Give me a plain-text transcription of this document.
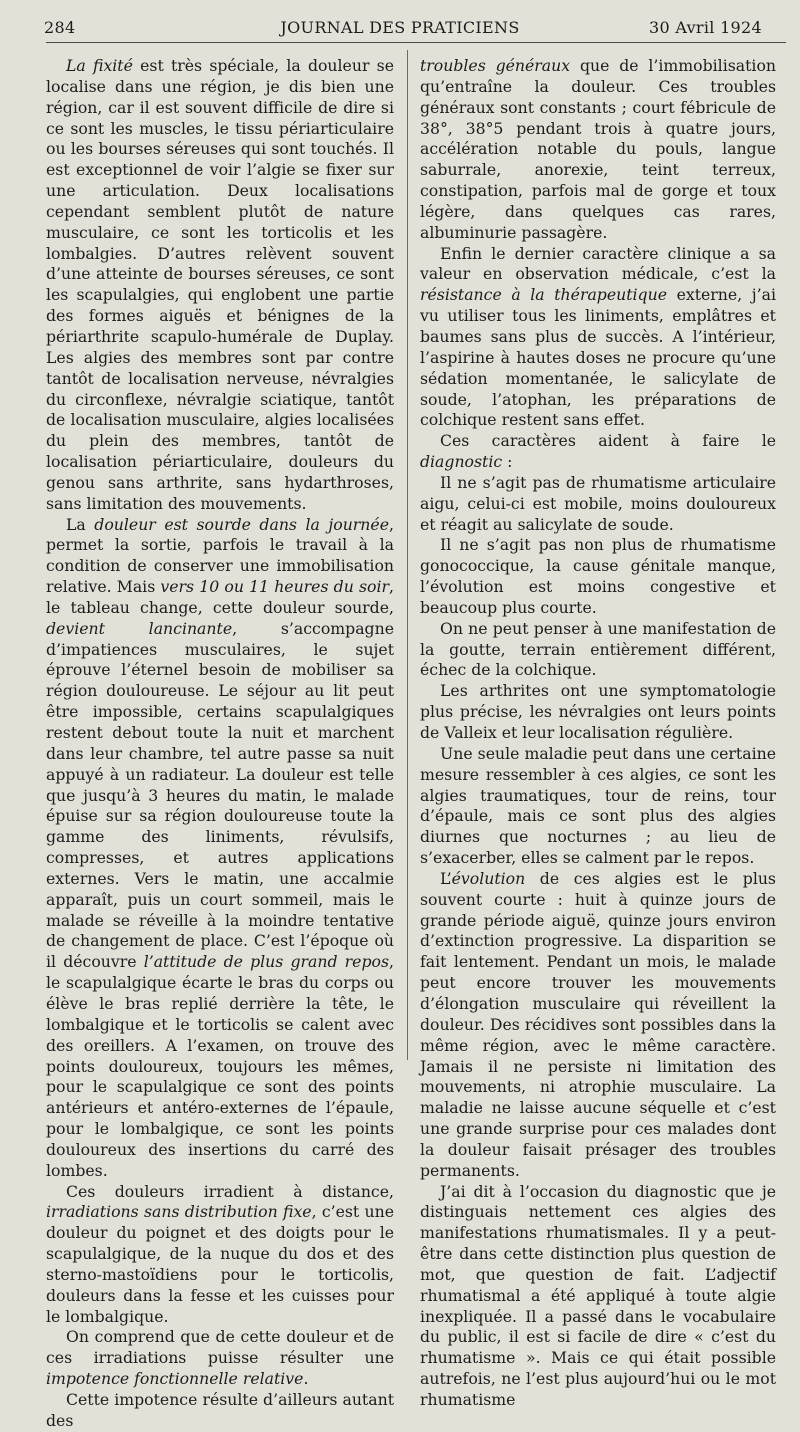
284	JOURNAL DES PRATICIENS	30 Avril 1924

La fixité est très spéciale, la douleur se localise dans une région, je dis bien une région, car il est souvent difficile de dire si ce sont les muscles, le tissu périarticulaire ou les bourses séreuses qui sont touchés. Il est exceptionnel de voir l’algie se fixer sur une articulation. Deux localisations cependant semblent plutôt de nature musculaire, ce sont les torticolis et les lombalgies. D’autres relèvent souvent d’une atteinte de bourses séreuses, ce sont les scapulalgies, qui englobent une partie des formes aiguës et bénignes de la périarthrite scapulo-humérale de Duplay. Les algies des membres sont par contre tantôt de localisation nerveuse, névralgies du circonflexe, névralgie sciatique, tantôt de localisation musculaire, algies localisées du plein des membres, tantôt de localisation périarticulaire, douleurs du genou sans arthrite, sans hydarthroses, sans limitation des mouvements.

La douleur est sourde dans la journée, permet la sortie, parfois le travail à la condition de conserver une immobilisation relative. Mais vers 10 ou 11 heures du soir, le tableau change, cette douleur sourde, devient lancinante, s’accompagne d’impatiences musculaires, le sujet éprouve l’éternel besoin de mobiliser sa région douloureuse. Le séjour au lit peut être impossible, certains scapulalgiques restent debout toute la nuit et marchent dans leur chambre, tel autre passe sa nuit appuyé à un radiateur. La douleur est telle que jusqu’à 3 heures du matin, le malade épuise sur sa région douloureuse toute la gamme des liniments, révulsifs, compresses, et autres applications externes. Vers le matin, une accalmie apparaît, puis un court sommeil, mais le malade se réveille à la moindre tentative de changement de place. C’est l’époque où il découvre l’attitude de plus grand repos, le scapulalgique écarte le bras du corps ou élève le bras replié derrière la tête, le lombalgique et le torticolis se calent avec des oreillers. A l’examen, on trouve des points douloureux, toujours les mêmes, pour le scapulalgique ce sont des points antérieurs et antéro-externes de l’épaule, pour le lombalgique, ce sont les points douloureux des insertions du carré des lombes.

Ces douleurs irradient à distance, irradiations sans distribution fixe, c’est une douleur du poignet et des doigts pour le scapulalgique, de la nuque du dos et des sterno-mastoïdiens pour le torticolis, douleurs dans la fesse et les cuisses pour le lombalgique.

On comprend que de cette douleur et de ces irradiations puisse résulter une impotence fonctionnelle relative.

Cette impotence résulte d’ailleurs autant des

troubles généraux que de l’immobilisation qu’entraîne la douleur. Ces troubles généraux sont constants ; court fébricule de 38°, 38°5 pendant trois à quatre jours, accélération notable du pouls, langue saburrale, anorexie, teint terreux, constipation, parfois mal de gorge et toux légère, dans quelques cas rares, albuminurie passagère.

Enfin le dernier caractère clinique a sa valeur en observation médicale, c’est la résistance à la thérapeutique externe, j’ai vu utiliser tous les liniments, emplâtres et baumes sans plus de succès. A l’intérieur, l’aspirine à hautes doses ne procure qu’une sédation momentanée, le salicylate de soude, l’atophan, les préparations de colchique restent sans effet.

Ces caractères aident à faire le diagnostic :

Il ne s’agit pas de rhumatisme articulaire aigu, celui-ci est mobile, moins douloureux et réagit au salicylate de soude.

Il ne s’agit pas non plus de rhumatisme gonococcique, la cause génitale manque, l’évolution est moins congestive et beaucoup plus courte.

On ne peut penser à une manifestation de la goutte, terrain entièrement différent, échec de la colchique.

Les arthrites ont une symptomatologie plus précise, les névralgies ont leurs points de Valleix et leur localisation régulière.

Une seule maladie peut dans une certaine mesure ressembler à ces algies, ce sont les algies traumatiques, tour de reins, tour d’épaule, mais ce sont plus des algies diurnes que nocturnes ; au lieu de s’exacerber, elles se calment par le repos.

L’évolution de ces algies est le plus souvent courte : huit à quinze jours de grande période aiguë, quinze jours environ d’extinction progressive. La disparition se fait lentement. Pendant un mois, le malade peut encore trouver les mouvements d’élongation musculaire qui réveillent la douleur. Des récidives sont possibles dans la même région, avec le même caractère. Jamais il ne persiste ni limitation des mouvements, ni atrophie musculaire. La maladie ne laisse aucune séquelle et c’est une grande surprise pour ces malades dont la douleur faisait présager des troubles permanents.

J’ai dit à l’occasion du diagnostic que je distinguais nettement ces algies des manifestations rhumatismales. Il y a peut-être dans cette distinction plus question de mot, que question de fait. L’adjectif rhumatismal a été appliqué à toute algie inexpliquée. Il a passé dans le vocabulaire du public, il est si facile de dire « c’est du rhumatisme ». Mais ce qui était possible autrefois, ne l’est plus aujourd’hui ou le mot rhumatisme
